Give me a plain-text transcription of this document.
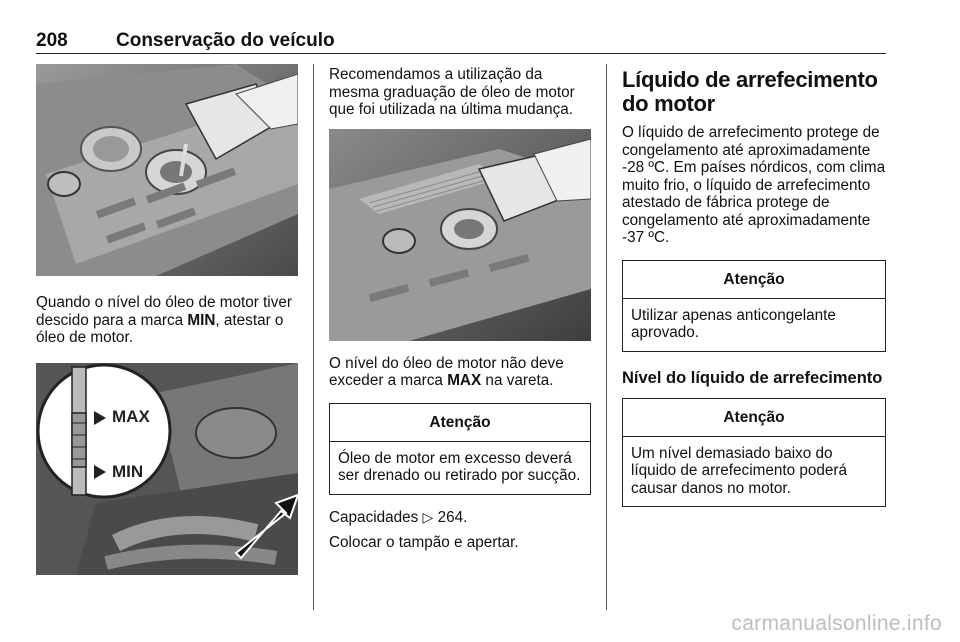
208	Conservação do veículo

Quando o nível do óleo de motor tiver descido para a marca MIN, atestar o óleo de motor.

MAX
MIN

Recomendamos a utilização da mesma graduação de óleo de motor que foi utilizada na última mudança.

O nível do óleo de motor não deve exceder a marca MAX na vareta.

Atenção
Óleo de motor em excesso deverá ser drenado ou retirado por sucção.

Capacidades ▷ 264.

Colocar o tampão e apertar.

Líquido de arrefecimento do motor

O líquido de arrefecimento protege de congelamento até aproximadamente -28 ºC. Em países nórdicos, com clima muito frio, o líquido de arrefecimento atestado de fábrica protege de congelamento até aproximadamente -37 ºC.

Atenção
Utilizar apenas anticongelante aprovado.
Nível do líquido de arrefecimento
Atenção
Um nível demasiado baixo do líquido de arrefecimento poderá causar danos no motor.
carmanualsonline.info
